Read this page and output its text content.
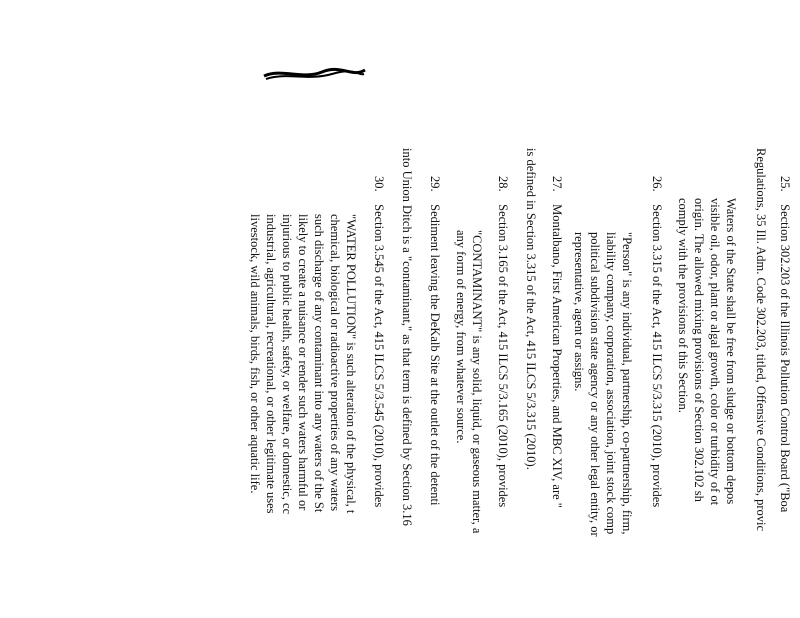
25.    Section 302.203 of the Illinois Pollution Control Board ("Boa
Regulations, 35 Ill. Adm. Code 302.203, titled, Offensive Conditions, provic
Waters of the State shall be free from sludge or bottom depos
visible oil, odor, plant or algal growth, color or turbidity of ot
origin. The allowed mixing provisions of Section 302.102 sh
comply with the provisions of this Section.
26.    Section 3.315 of the Act, 415 ILCS 5/3.315 (2010), provides
"Person" is any individual, partnership, co-partnership, firm,
liability company, corporation, association, joint stock comp
political subdivision state agency or any other legal entity, or
representative, agent or assigns.
27.    Montalbano, First American Properties, and MBC XIV, are "
is defined in Section 3.315 of the Act, 415 ILCS 5/3.315 (2010).
28.    Section 3.165 of the Act, 415 ILCS 5/3.165 (2010), provides
"CONTAMINANT" is any solid, liquid, or gaseous matter, a
any form of energy, from whatever source.
29.    Sediment leaving the DeKalb Site at the outlet of the detenti
into Union Ditch is a "contaminant," as that term is defined by Section 3.16
30.    Section 3.545 of the Act, 415 ILCS 5/3.545 (2010), provides
"WATER POLLUTION" is such alteration of the physical, t
chemical, biological or radioactive properties of any waters
such discharge of any contaminant into any waters of the St
likely to create a nuisance or render such waters harmful or
injurious to public health, safety, or welfare, or domestic, cc
industrial, agricultural, recreational, or other legitimate uses
livestock, wild animals, birds, fish, or other aquatic life.
